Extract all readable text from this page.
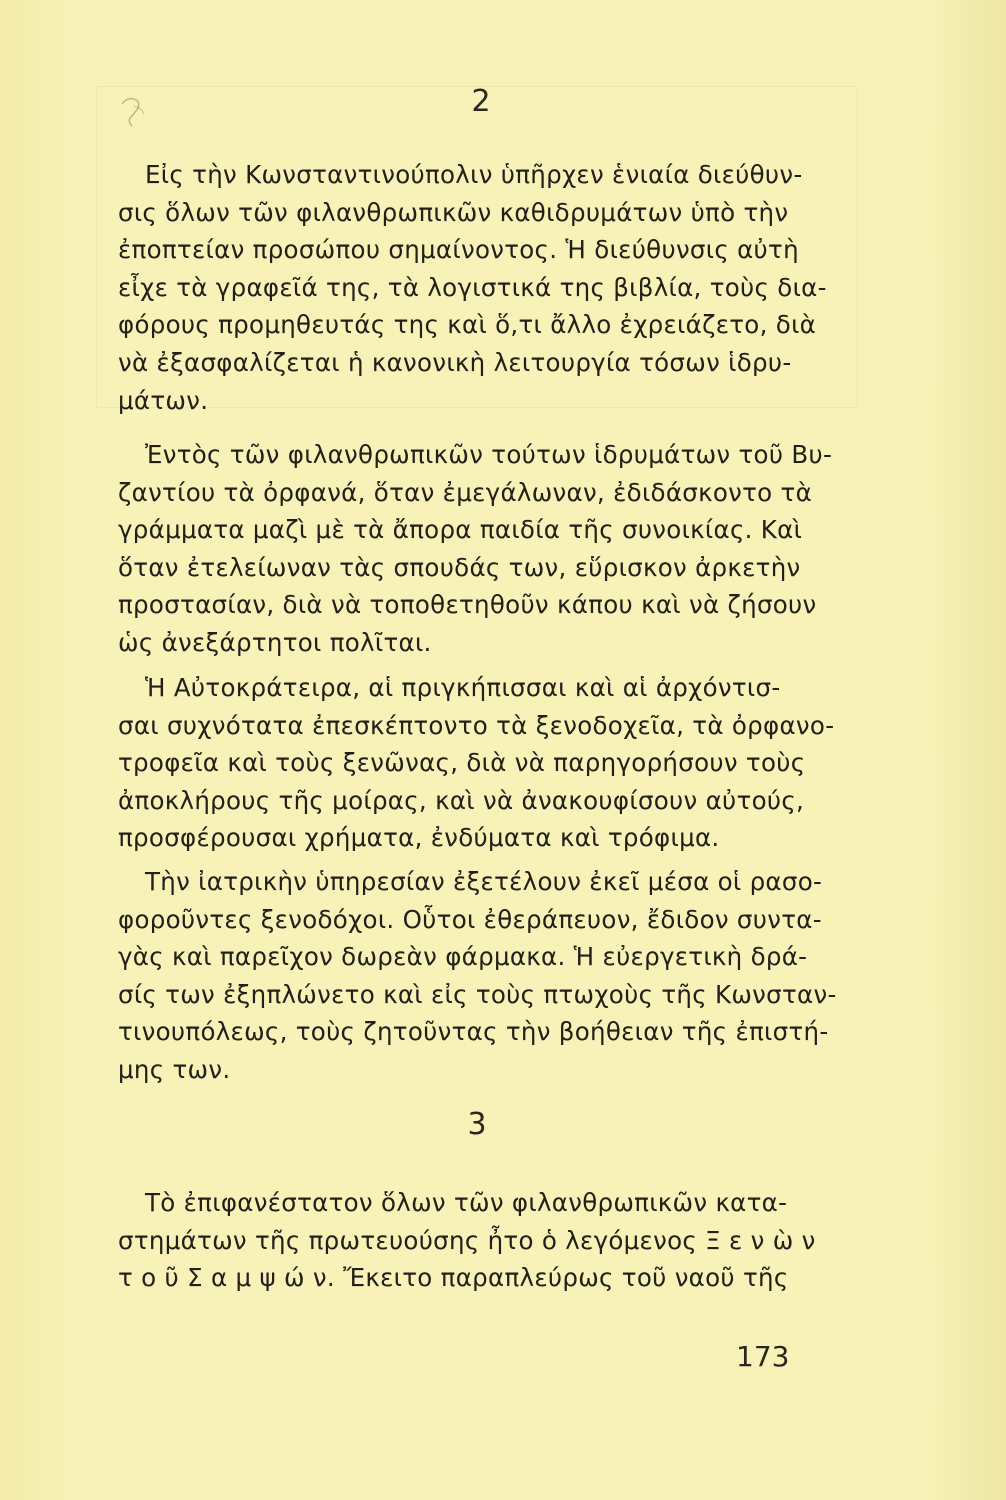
2
Εἰς τὴν Κωνσταντινούπολιν ὑπῆρχεν ἑνιαία διεύθυν-
σις ὅλων τῶν φιλανθρωπικῶν καθιδρυμάτων ὑπὸ τὴν
ἐποπτείαν προσώπου σημαίνοντος. Ἡ διεύθυνσις αὐτὴ
εἶχε τὰ γραφεῖά της, τὰ λογιστικά της βιβλία, τοὺς δια-
φόρους προμηθευτάς της καὶ ὅ,τι ἄλλο ἐχρειάζετο, διὰ
νὰ ἐξασφαλίζεται ἡ κανονικὴ λειτουργία τόσων ἱδρυ-
μάτων.
Ἐντὸς τῶν φιλανθρωπικῶν τούτων ἱδρυμάτων τοῦ Βυ-
ζαντίου τὰ ὀρφανά, ὅταν ἐμεγάλωναν, ἐδιδάσκοντο τὰ
γράμματα μαζὶ μὲ τὰ ἄπορα παιδία τῆς συνοικίας. Καὶ
ὅταν ἐτελείωναν τὰς σπουδάς των, εὕρισκον ἀρκετὴν
προστασίαν, διὰ νὰ τοποθετηθοῦν κάπου καὶ νὰ ζήσουν
ὡς ἀνεξάρτητοι πολῖται.
Ἡ Αὐτοκράτειρα, αἱ πριγκήπισσαι καὶ αἱ ἀρχόντισ-
σαι συχνότατα ἐπεσκέπτοντο τὰ ξενοδοχεῖα, τὰ ὀρφανο-
τροφεῖα καὶ τοὺς ξενῶνας, διὰ νὰ παρηγορήσουν τοὺς
ἀποκλήρους τῆς μοίρας, καὶ νὰ ἀνακουφίσουν αὐτούς,
προσφέρουσαι χρήματα, ἐνδύματα καὶ τρόφιμα.
Τὴν ἰατρικὴν ὑπηρεσίαν ἐξετέλουν ἐκεῖ μέσα οἱ ρασο-
φοροῦντες ξενοδόχοι. Οὗτοι ἐθεράπευον, ἔδιδον συντα-
γὰς καὶ παρεῖχον δωρεὰν φάρμακα. Ἡ εὐεργετικὴ δρά-
σίς των ἐξηπλώνετο καὶ εἰς τοὺς πτωχοὺς τῆς Κωνσταν-
τινουπόλεως, τοὺς ζητοῦντας τὴν βοήθειαν τῆς ἐπιστή-
μης των.
3
Τὸ ἐπιφανέστατον ὅλων τῶν φιλανθρωπικῶν κατα-
στημάτων τῆς πρωτευούσης ἦτο ὁ λεγόμενος Ξ ε ν ὼ ν
τ ο ῦ Σ α μ ψ ώ ν. Ἔκειτο παραπλεύρως τοῦ ναοῦ τῆς
173
